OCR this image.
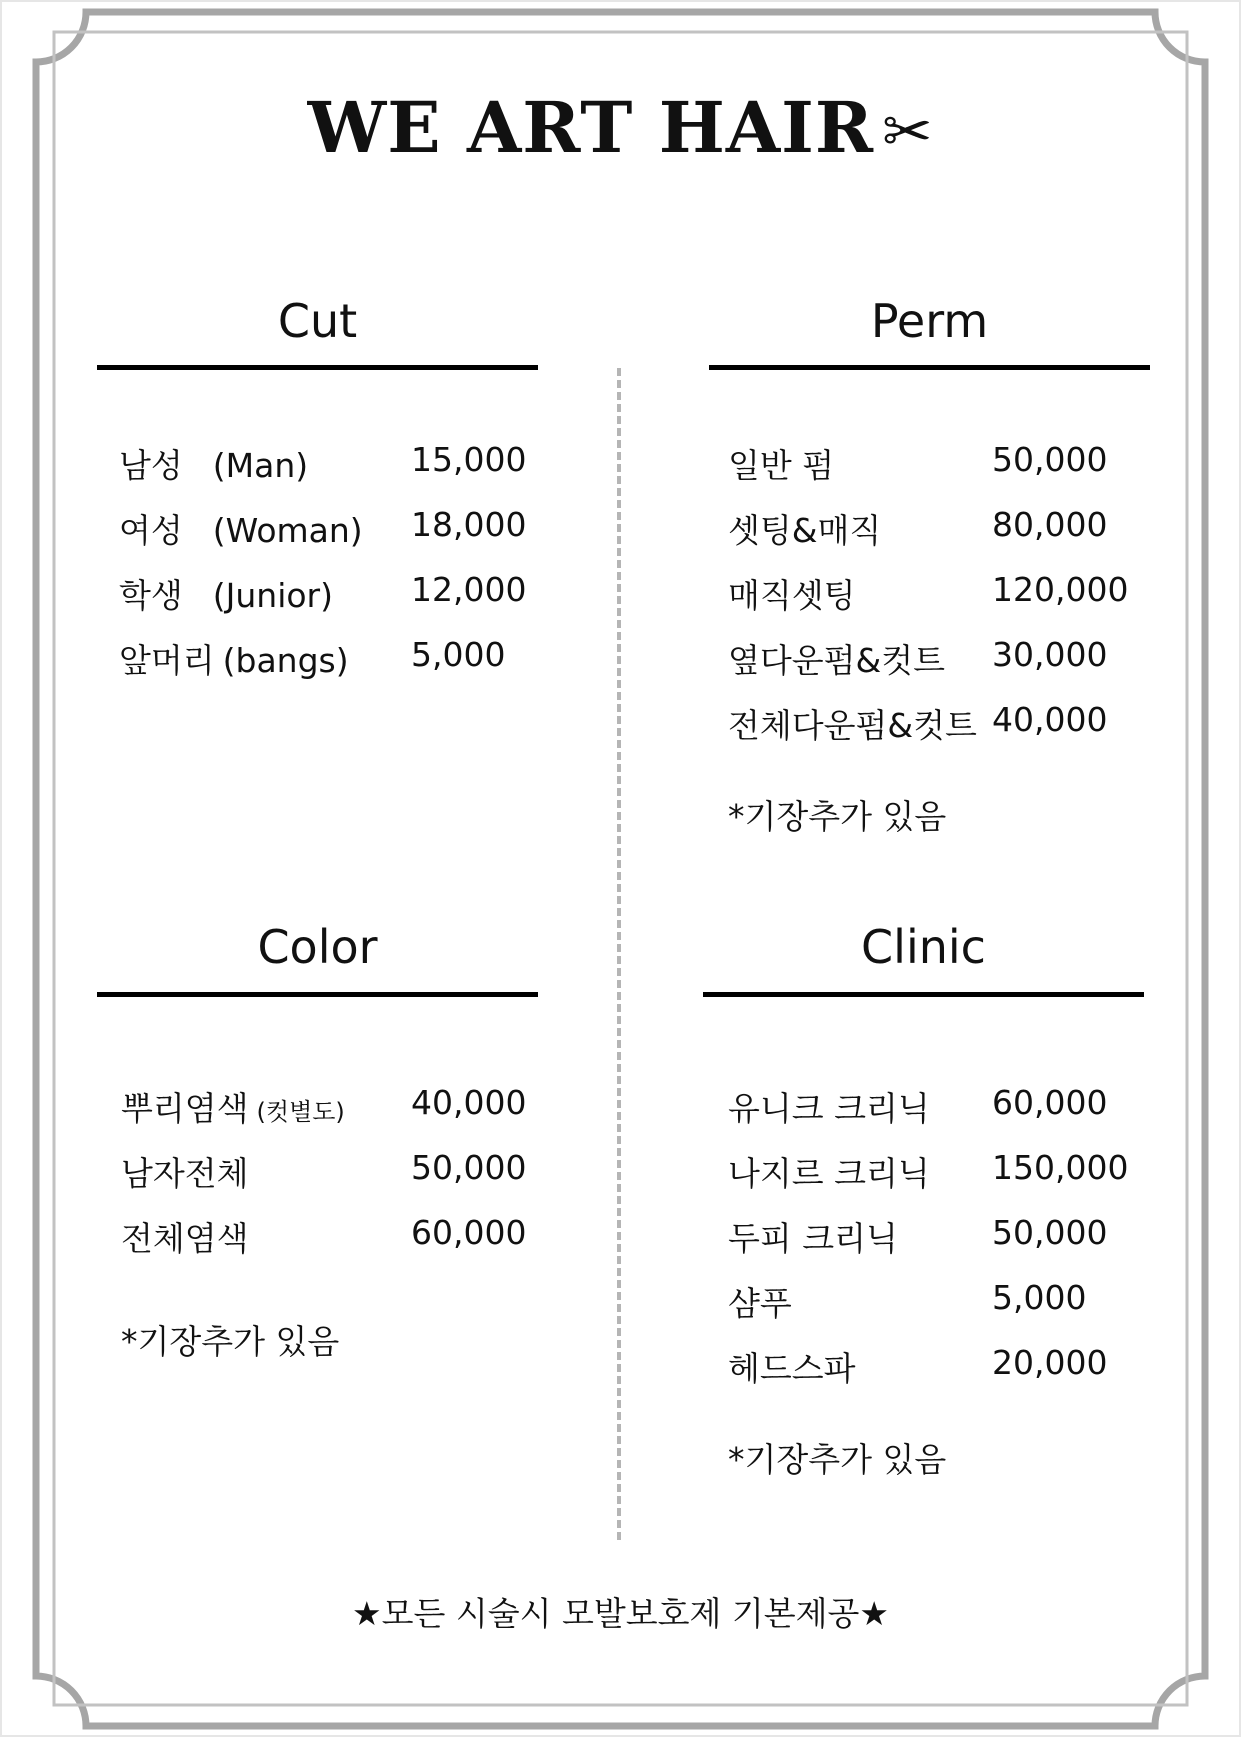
WE ART HAIR ✂
Cut
남성 (Man)	15,000
여성 (Woman) 18,000
학생 (Junior) 12,000
앞머리 (bangs) 5,000
Perm
일반 펌	50,000
셋팅&매직	80,000
매직셋팅	120,000
옆다운펌&컷트 30,000
전체다운펌&컷트 40,000
*기장추가 있음
Color
뿌리염색 (컷별도) 40,000
남자전체	50,000
전체염색	60,000
*기장추가 있음
Clinic
유니크 크리닉 60,000
나지르 크리닉 150,000
두피 크리닉	50,000
샴푸	5,000
헤드스파	20,000
*기장추가 있음
★모든 시술시 모발보호제 기본제공★
